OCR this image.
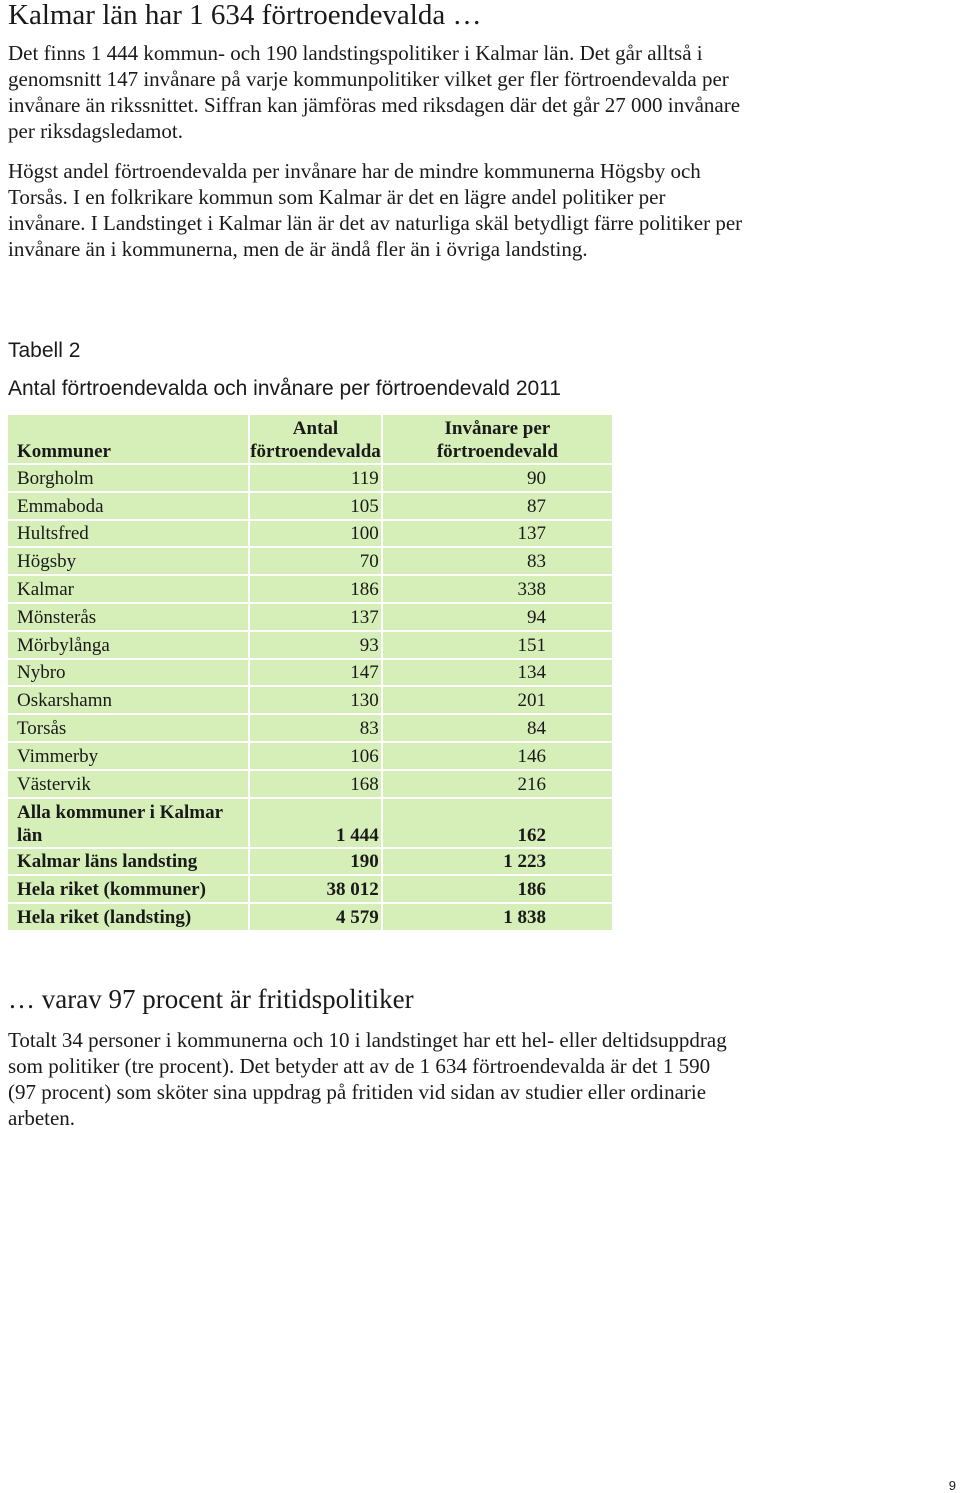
Kalmar län har 1 634 förtroendevalda …

Det finns 1 444 kommun- och 190 landstingspolitiker i Kalmar län. Det går alltså i genomsnitt 147 invånare på varje kommunpolitiker vilket ger fler förtroendevalda per invånare än rikssnittet. Siffran kan jämföras med riksdagen där det går 27 000 invånare per riksdagsledamot.

Högst andel förtroendevalda per invånare har de mindre kommunerna Högsby och Torsås. I en folkrikare kommun som Kalmar är det en lägre andel politiker per invånare. I Landstinget i Kalmar län är det av naturliga skäl betydligt färre politiker per invånare än i kommunerna, men de är ändå fler än i övriga landsting.

Tabell 2

Antal förtroendevalda och invånare per förtroendevald 2011

Kommuner	Antal förtroendevalda	Invånare per förtroendevald
Borgholm	119	90
Emmaboda	105	87
Hultsfred	100	137
Högsby	70	83
Kalmar	186	338
Mönsterås	137	94
Mörbylånga	93	151
Nybro	147	134
Oskarshamn	130	201
Torsås	83	84
Vimmerby	106	146
Västervik	168	216
Alla kommuner i Kalmar län	1 444	162
Kalmar läns landsting	190	1 223
Hela riket (kommuner)	38 012	186
Hela riket (landsting)	4 579	1 838
… varav 97 procent är fritidspolitiker

Totalt 34 personer i kommunerna och 10 i landstinget har ett hel- eller deltidsuppdrag som politiker (tre procent). Det betyder att av de 1 634 förtroendevalda är det 1 590 (97 procent) som sköter sina uppdrag på fritiden vid sidan av studier eller ordinarie arbeten.

9
